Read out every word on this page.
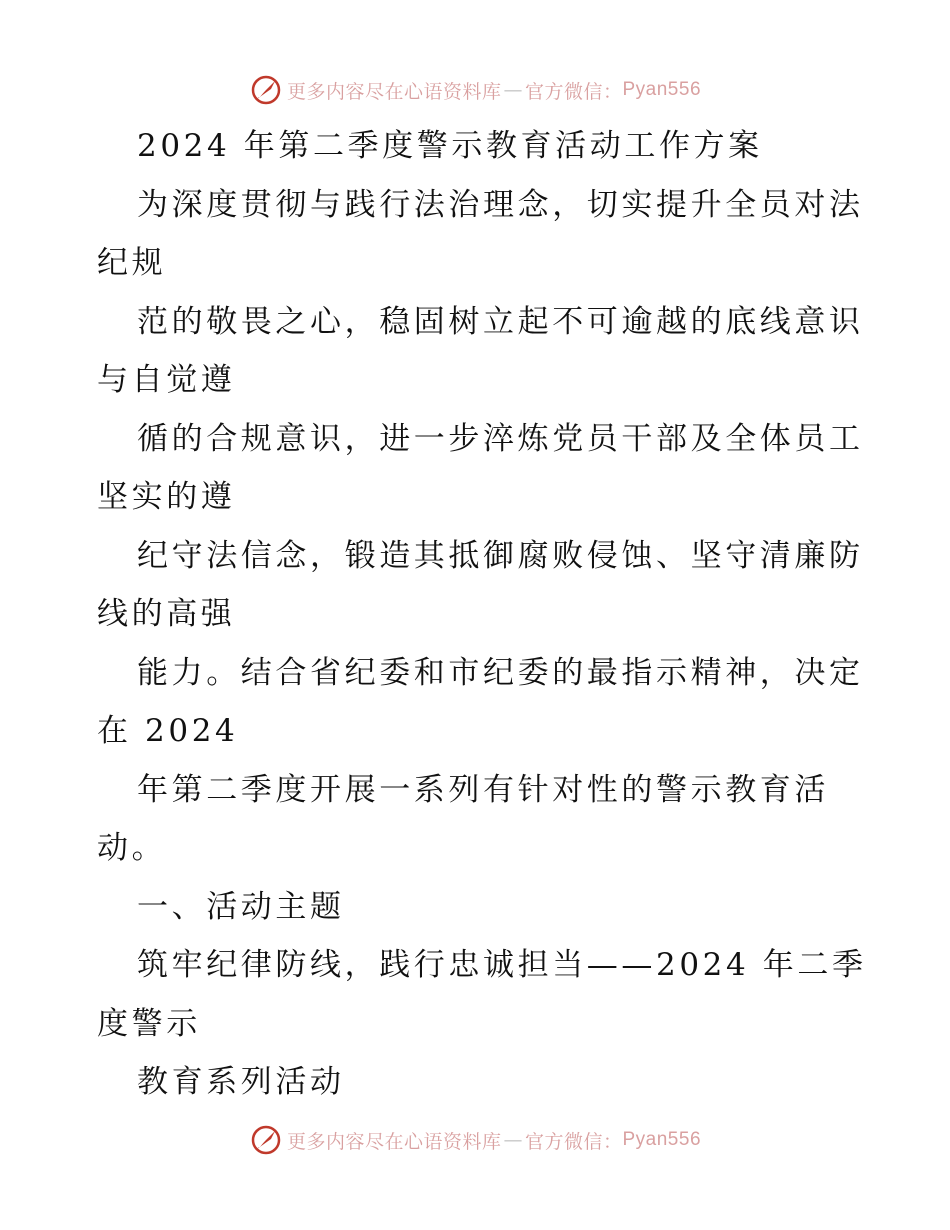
更多内容尽在心语资料库 — 官方微信： Pyan556
2024 年第二季度警示教育活动工作方案
为深度贯彻与践行法治理念，切实提升全员对法
纪规
范的敬畏之心，稳固树立起不可逾越的底线意识
与自觉遵
循的合规意识，进一步淬炼党员干部及全体员工
坚实的遵
纪守法信念，锻造其抵御腐败侵蚀、坚守清廉防
线的高强
能力。结合省纪委和市纪委的最指示精神，决定
在 2024
年第二季度开展一系列有针对性的警示教育活
动。
一、活动主题
筑牢纪律防线，践行忠诚担当——2024 年二季
度警示
教育系列活动
更多内容尽在心语资料库 — 官方微信： Pyan556
